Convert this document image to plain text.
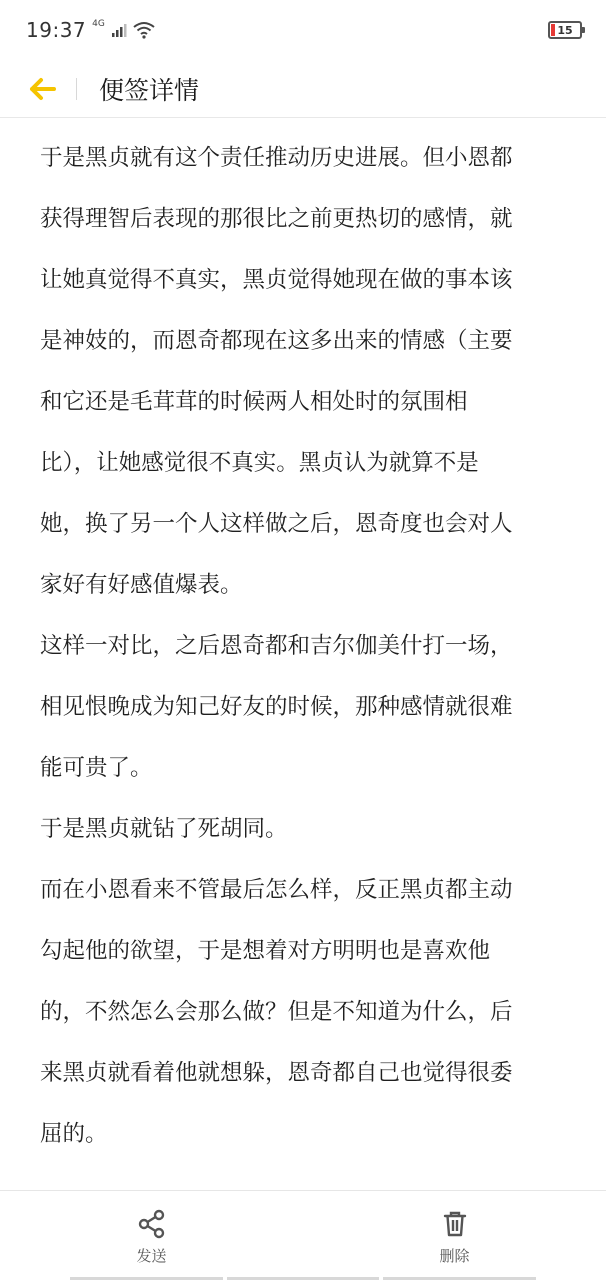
19:37 4G	15
便签详情

于是黑贞就有这个责任推动历史进展。但小恩都
获得理智后表现的那很比之前更热切的感情，就
让她真觉得不真实，黑贞觉得她现在做的事本该
是神妓的，而恩奇都现在这多出来的情感（主要
和它还是毛茸茸的时候两人相处时的氛围相
比），让她感觉很不真实。黑贞认为就算不是
她，换了另一个人这样做之后，恩奇度也会对人
家好有好感值爆表。

这样一对比，之后恩奇都和吉尔伽美什打一场，
相见恨晚成为知己好友的时候，那种感情就很难
能可贵了。

于是黑贞就钻了死胡同。

而在小恩看来不管最后怎么样，反正黑贞都主动
勾起他的欲望，于是想着对方明明也是喜欢他
的，不然怎么会那么做？但是不知道为什么，后
来黑贞就看着他就想躲，恩奇都自己也觉得很委
屈的。

发送	删除
